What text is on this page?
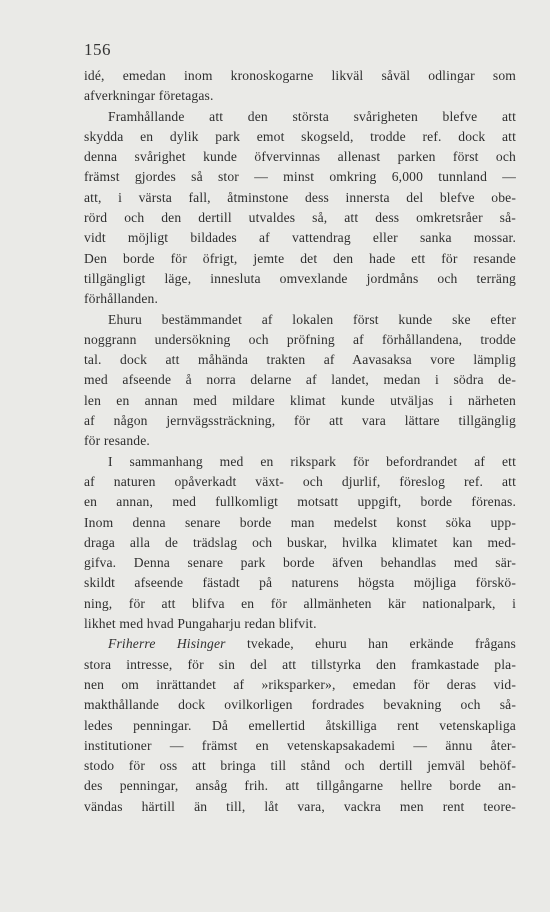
156
idé, emedan inom kronoskogarne likväl såväl odlingar som
afverkningar företagas.
Framhållande att den största svårigheten blefve att
skydda en dylik park emot skogseld, trodde ref. dock att
denna svårighet kunde öfvervinnas allenast parken först och
främst gjordes så stor — minst omkring 6,000 tunnland —
att, i värsta fall, åtminstone dess innersta del blefve obe-
rörd och den dertill utvaldes så, att dess omkretsråer så-
vidt möjligt bildades af vattendrag eller sanka mossar.
Den borde för öfrigt, jemte det den hade ett för resande
tillgängligt läge, innesluta omvexlande jordmåns och terräng
förhållanden.
Ehuru bestämmandet af lokalen först kunde ske efter
noggrann undersökning och pröfning af förhållandena, trodde
tal. dock att måhända trakten af Aavasaksa vore lämplig
med afseende å norra delarne af landet, medan i södra de-
len en annan med mildare klimat kunde utväljas i närheten
af någon jernvägssträckning, för att vara lättare tillgänglig
för resande.
I sammanhang med en rikspark för befordrandet af ett
af naturen opåverkadt växt- och djurlif, föreslog ref. att
en annan, med fullkomligt motsatt uppgift, borde förenas.
Inom denna senare borde man medelst konst söka upp-
draga alla de trädslag och buskar, hvilka klimatet kan med-
gifva. Denna senare park borde äfven behandlas med sär-
skildt afseende fästadt på naturens högsta möjliga förskö-
ning, för att blifva en för allmänheten kär nationalpark, i
likhet med hvad Pungaharju redan blifvit.
Friherre Hisinger tvekade, ehuru han erkände frågans
stora intresse, för sin del att tillstyrka den framkastade pla-
nen om inrättandet af »riksparker», emedan för deras vid-
makthållande dock ovilkorligen fordrades bevakning och så-
ledes penningar. Då emellertid åtskilliga rent vetenskapliga
institutioner — främst en vetenskapsakademi — ännu åter-
stodo för oss att bringa till stånd och dertill jemväl behöf-
des penningar, ansåg frih. att tillgångarne hellre borde an-
vändas härtill än till, låt vara, vackra men rent teore-
